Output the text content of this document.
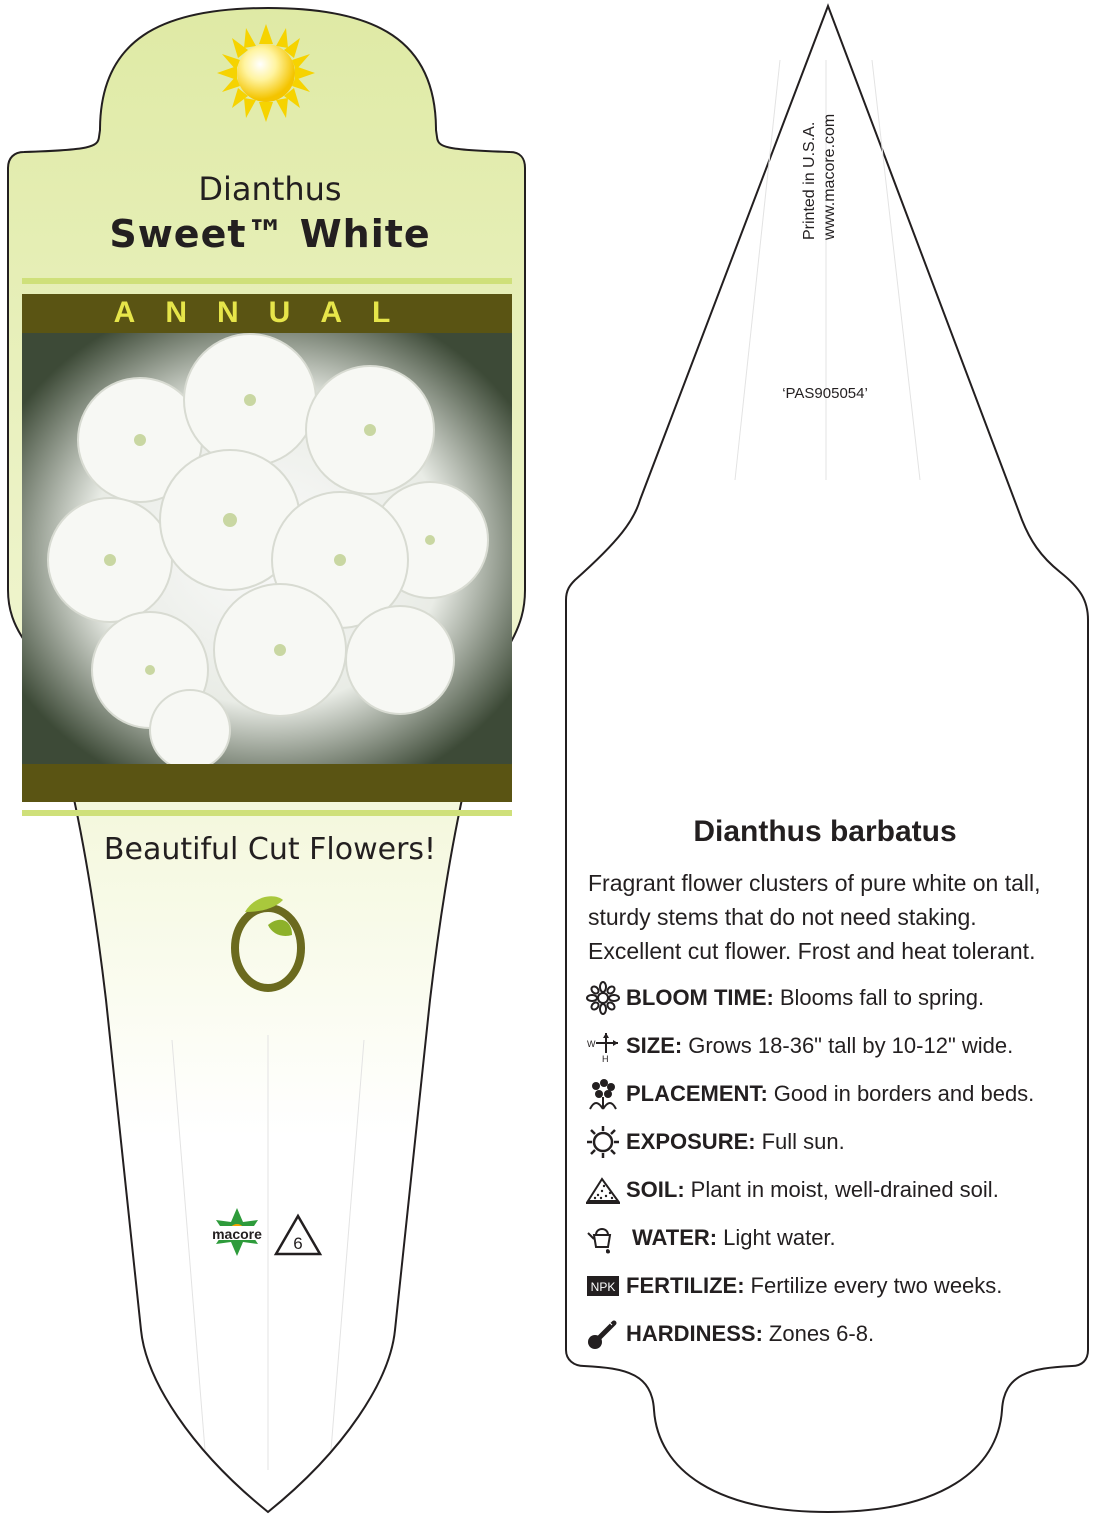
Dianthus
Sweet™ White
ANNUAL
Beautiful Cut Flowers!
macore	6
Printed in U.S.A. www.macore.com
‘PAS905054’
Dianthus barbatus
Fragrant flower clusters of pure white on tall, sturdy stems that do not need staking. Excellent cut flower. Frost and heat tolerant.
BLOOM TIME: Blooms fall to spring.
W
H
SIZE: Grows 18-36" tall by 10-12" wide.
PLACEMENT: Good in borders and beds.
EXPOSURE: Full sun.
SOIL: Plant in moist, well-drained soil.
WATER: Light water.
NPK FERTILIZE: Fertilize every two weeks.
HARDINESS: Zones 6-8.
